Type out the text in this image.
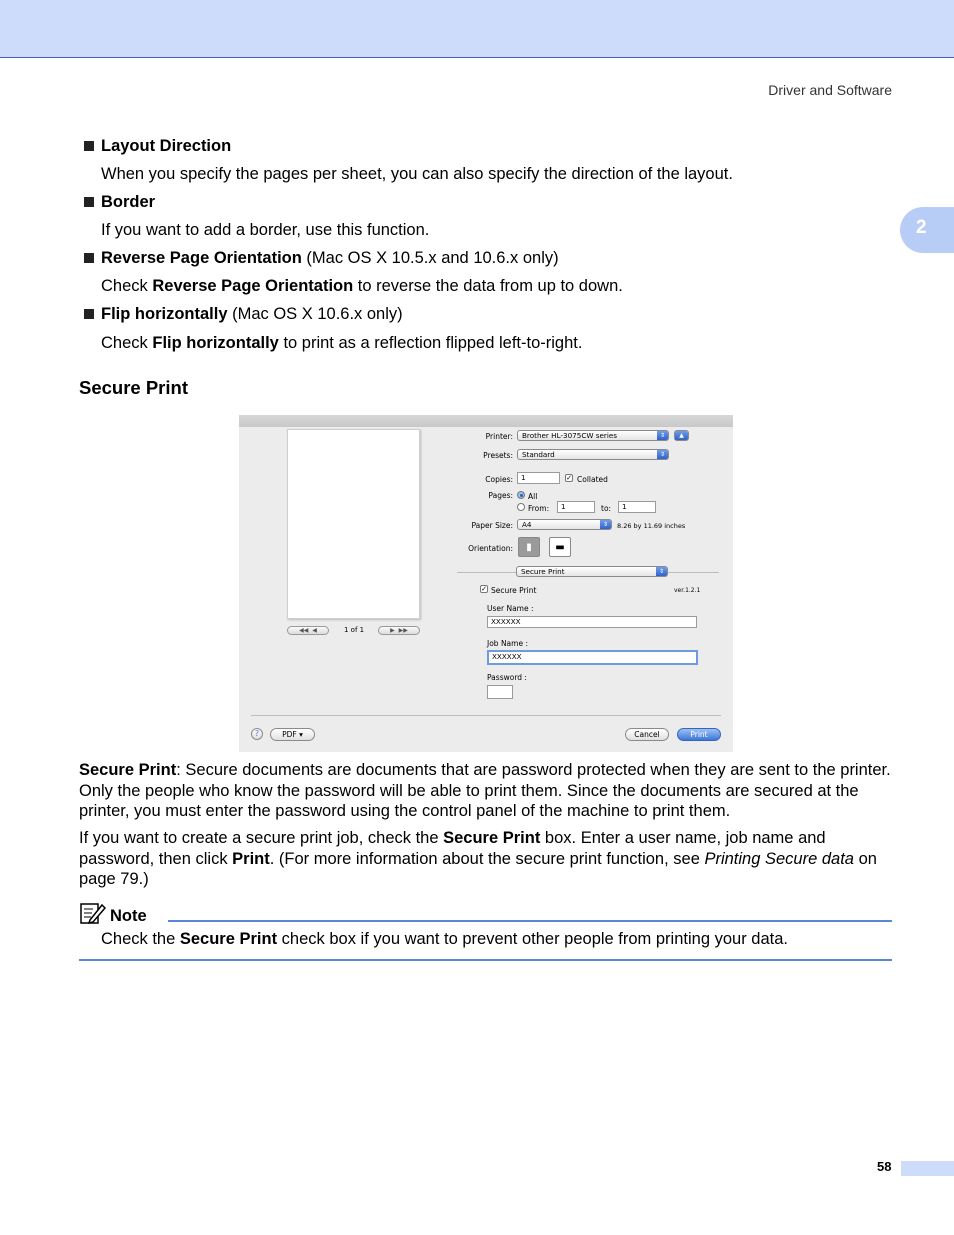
Driver and Software
2
Layout Direction
When you specify the pages per sheet, you can also specify the direction of the layout.
Border
If you want to add a border, use this function.
Reverse Page Orientation (Mac OS X 10.5.x and 10.6.x only)
Check Reverse Page Orientation to reverse the data from up to down.
Flip horizontally (Mac OS X 10.6.x only)
Check Flip horizontally to print as a reflection flipped left-to-right.
Secure Print
◀◀  ◀	1 of 1	▶  ▶▶
Printer:	Brother HL-3075CW series	⇕	▲
Presets:	Standard	⇕
Copies:	1	✓ Collated
Pages: All
From:	1	to:	1
Paper Size:	A4	⇕	8.26 by 11.69 inches
Orientation:	▮	▬
Secure Print	⇕
✓ Secure Print	ver.1.2.1
User Name :
XXXXXX
Job Name :
XXXXXX
Password :
?	PDF ▾	Cancel	Print
Secure Print: Secure documents are documents that are password protected when they are sent to the printer. Only the people who know the password will be able to print them. Since the documents are secured at the printer, you must enter the password using the control panel of the machine to print them.
If you want to create a secure print job, check the Secure Print box. Enter a user name, job name and password, then click Print. (For more information about the secure print function, see Printing Secure data on page 79.)
Note
Check the Secure Print check box if you want to prevent other people from printing your data.
58
